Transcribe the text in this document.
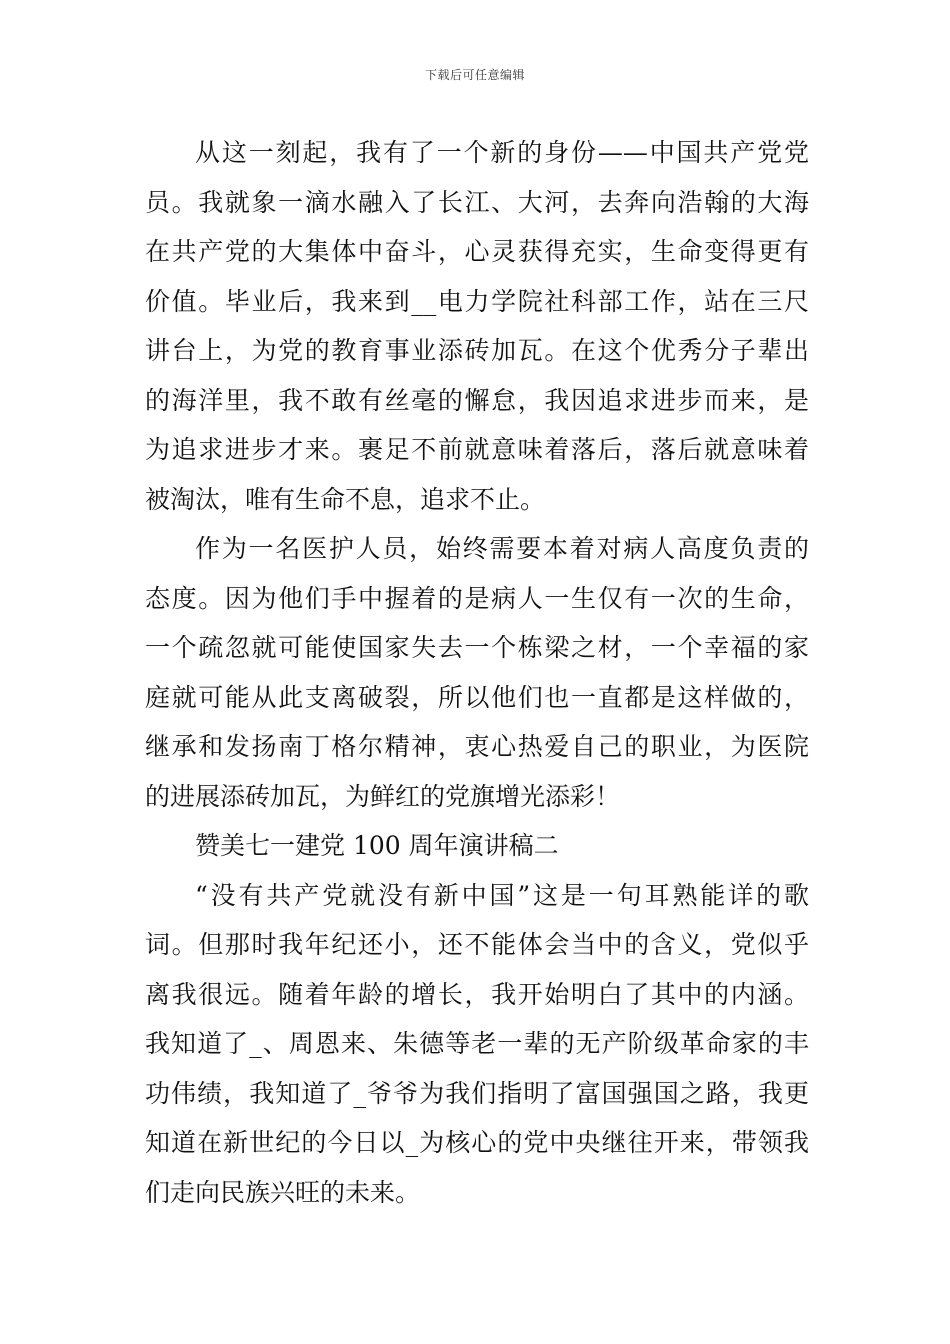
下载后可任意编辑
从这一刻起，我有了一个新的身份——中国共产党党
员。我就象一滴水融入了长江、大河，去奔向浩翰的大海
在共产党的大集体中奋斗，心灵获得充实，生命变得更有
价值。毕业后，我来到__电力学院社科部工作，站在三尺
讲台上，为党的教育事业添砖加瓦。在这个优秀分子辈出
的海洋里，我不敢有丝毫的懈怠，我因追求进步而来，是
为追求进步才来。裹足不前就意味着落后，落后就意味着
被淘汰，唯有生命不息，追求不止。
作为一名医护人员，始终需要本着对病人高度负责的
态度。因为他们手中握着的是病人一生仅有一次的生命，
一个疏忽就可能使国家失去一个栋梁之材，一个幸福的家
庭就可能从此支离破裂，所以他们也一直都是这样做的，
继承和发扬南丁格尔精神，衷心热爱自己的职业，为医院
的进展添砖加瓦，为鲜红的党旗增光添彩！
赞美七一建党 100 周年演讲稿二
“没有共产党就没有新中国”这是一句耳熟能详的歌
词。但那时我年纪还小，还不能体会当中的含义，党似乎
离我很远。随着年龄的增长，我开始明白了其中的内涵。
我知道了_、周恩来、朱德等老一辈的无产阶级革命家的丰
功伟绩，我知道了_爷爷为我们指明了富国强国之路，我更
知道在新世纪的今日以_为核心的党中央继往开来，带领我
们走向民族兴旺的未来。
